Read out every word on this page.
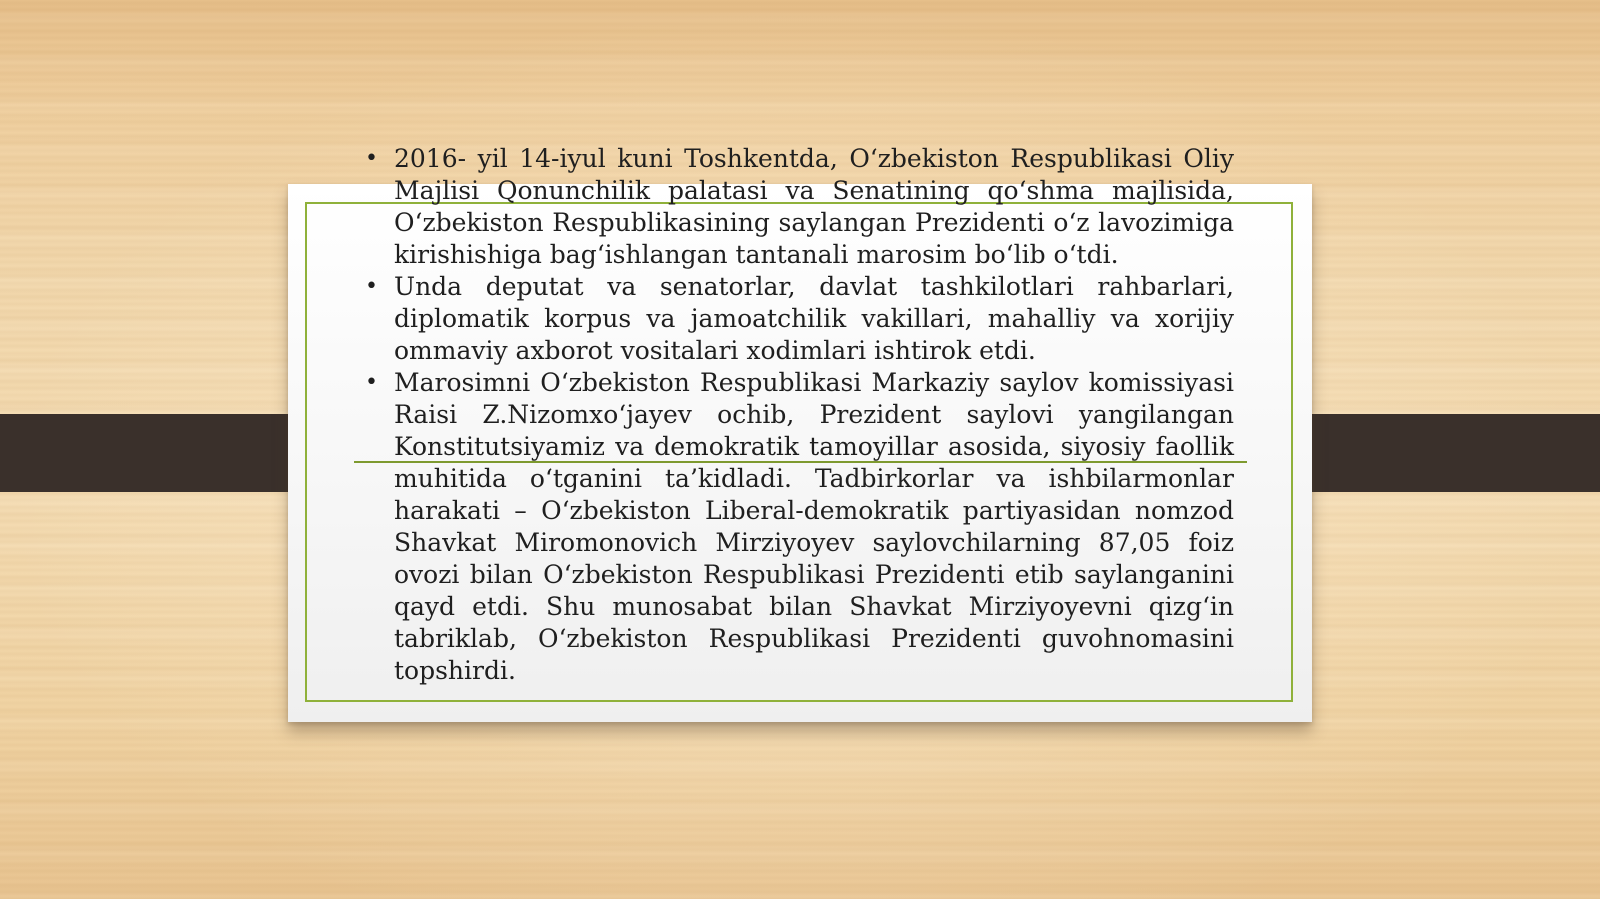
• 2016- yil 14-iyul kuni Toshkentda, O‘zbekiston Respublikasi Oliy Majlisi Qonunchilik palatasi va Senatining qo‘shma majlisida, O‘zbekiston Respublikasining saylangan Prezidenti o‘z lavozimiga kirishishiga bag‘ishlangan tantanali marosim bo‘lib o‘tdi.
• Unda deputat va senatorlar, davlat tashkilotlari rahbarlari, diplomatik korpus va jamoatchilik vakillari, mahalliy va xorijiy ommaviy axborot vositalari xodimlari ishtirok etdi.
• Marosimni O‘zbekiston Respublikasi Markaziy saylov komissiyasi Raisi Z.Nizomxo‘jayev ochib, Prezident saylovi yangilangan Konstitutsiyamiz va demokratik tamoyillar asosida, siyosiy faollik muhitida o‘tganini ta’kidladi. Tadbirkorlar va ishbilarmonlar harakati – O‘zbekiston Liberal-demokratik partiyasidan nomzod Shavkat Miromonovich Mirziyoyev saylovchilarning 87,05 foiz ovozi bilan O‘zbekiston Respublikasi Prezidenti etib saylanganini qayd etdi. Shu munosabat bilan Shavkat Mirziyoyevni qizg‘in tabriklab, O‘zbekiston Respublikasi Prezidenti guvohnomasini topshirdi.
